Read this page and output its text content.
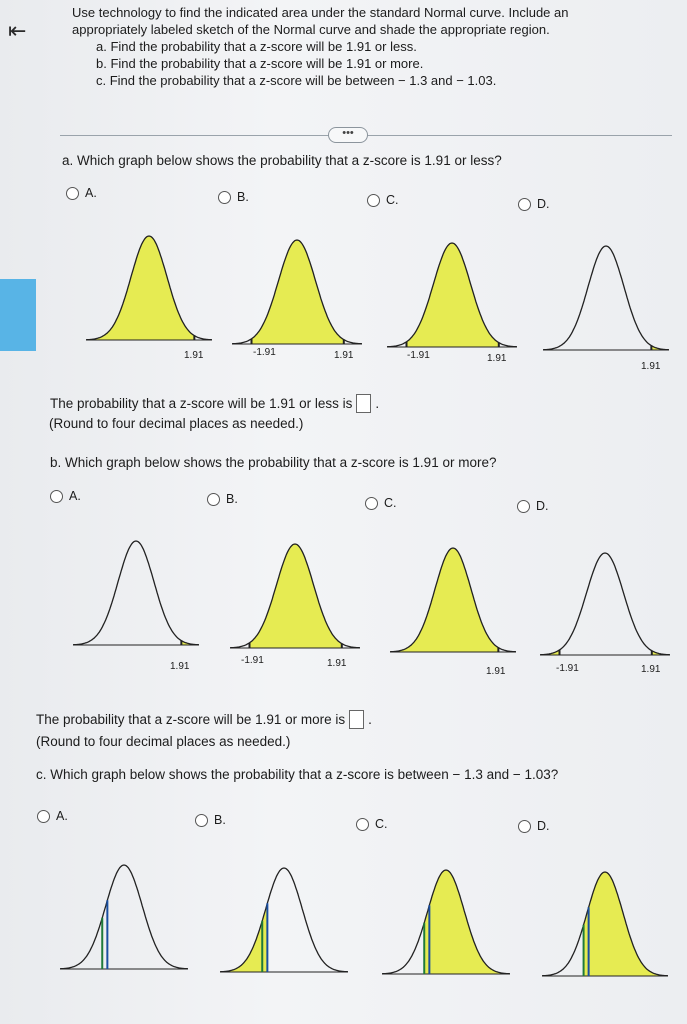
⇤
Use technology to find the indicated area under the standard Normal curve. Include an
appropriately labeled sketch of the Normal curve and shade the appropriate region.
a. Find the probability that a z-score will be 1.91 or less.
b. Find the probability that a z-score will be 1.91 or more.
c. Find the probability that a z-score will be between − 1.3 and − 1.03.
•••
a. Which graph below shows the probability that a z-score is 1.91 or less?
A.	B.	C.	D.
1.91	-1.91	1.91	-1.91	1.91
1.91
The probability that a z-score will be 1.91 or less is .
(Round to four decimal places as needed.)
b. Which graph below shows the probability that a z-score is 1.91 or more?
A.	B.	C.	D.
1.91
-1.91	1.91
1.91	-1.91	1.91
The probability that a z-score will be 1.91 or more is .
(Round to four decimal places as needed.)
c. Which graph below shows the probability that a z-score is between − 1.3 and − 1.03?
A.	B.	C.	D.
